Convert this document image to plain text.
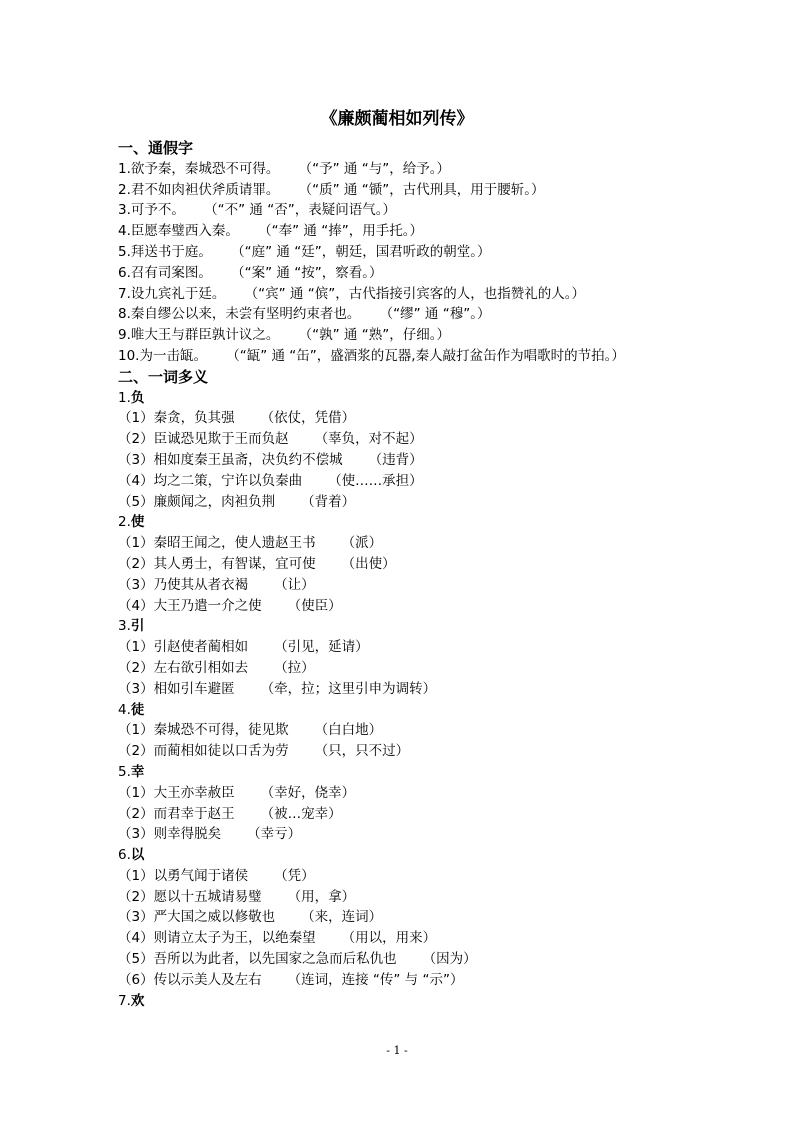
《廉颇蔺相如列传》
一、通假字
1.欲予秦，秦城恐不可得。 （“予” 通 “与”，给予。）
2.君不如肉袒伏斧质请罪。 （“质” 通 “锧”，古代刑具，用于腰斩。）
3.可予不。 （“不” 通 “否”，表疑问语气。）
4.臣愿奉璧西入秦。 （“奉” 通 “捧”，用手托。）
5.拜送书于庭。 （“庭” 通 “廷”，朝廷，国君听政的朝堂。）
6.召有司案图。 （“案” 通 “按”，察看。）
7.设九宾礼于廷。 （“宾” 通 “傧”，古代指接引宾客的人，也指赞礼的人。）
8.秦自缪公以来，未尝有坚明约束者也。 （“缪” 通 “穆”。）
9.唯大王与群臣孰计议之。 （“孰” 通 “熟”，仔细。）
10.为一击缻。 （“缻” 通 “缶”，盛酒浆的瓦器,秦人敲打盆缶作为唱歌时的节拍。）
二、一词多义
1.负
（1）秦贪，负其强 （依仗，凭借）
（2）臣诚恐见欺于王而负赵 （辜负，对不起）
（3）相如度秦王虽斋，决负约不偿城 （违背）
（4）均之二策，宁许以负秦曲 （使……承担）
（5）廉颇闻之，肉袒负荆 （背着）
2.使
（1）秦昭王闻之，使人遗赵王书 （派）
（2）其人勇士，有智谋，宜可使 （出使）
（3）乃使其从者衣褐 （让）
（4）大王乃遣一介之使 （使臣）
3.引
（1）引赵使者蔺相如 （引见，延请）
（2）左右欲引相如去 （拉）
（3）相如引车避匿 （牵，拉；这里引申为调转）
4.徒
（1）秦城恐不可得，徒见欺 （白白地）
（2）而蔺相如徒以口舌为劳 （只，只不过）
5.幸
（1）大王亦幸赦臣 （幸好，侥幸）
（2）而君幸于赵王 （被…宠幸）
（3）则幸得脱矣 （幸亏）
6.以
（1）以勇气闻于诸侯 （凭）
（2）愿以十五城请易璧 （用，拿）
（3）严大国之威以修敬也 （来，连词）
（4）则请立太子为王，以绝秦望 （用以，用来）
（5）吾所以为此者，以先国家之急而后私仇也 （因为）
（6）传以示美人及左右 （连词，连接 “传” 与 “示”）
7.欢
- 1 -
